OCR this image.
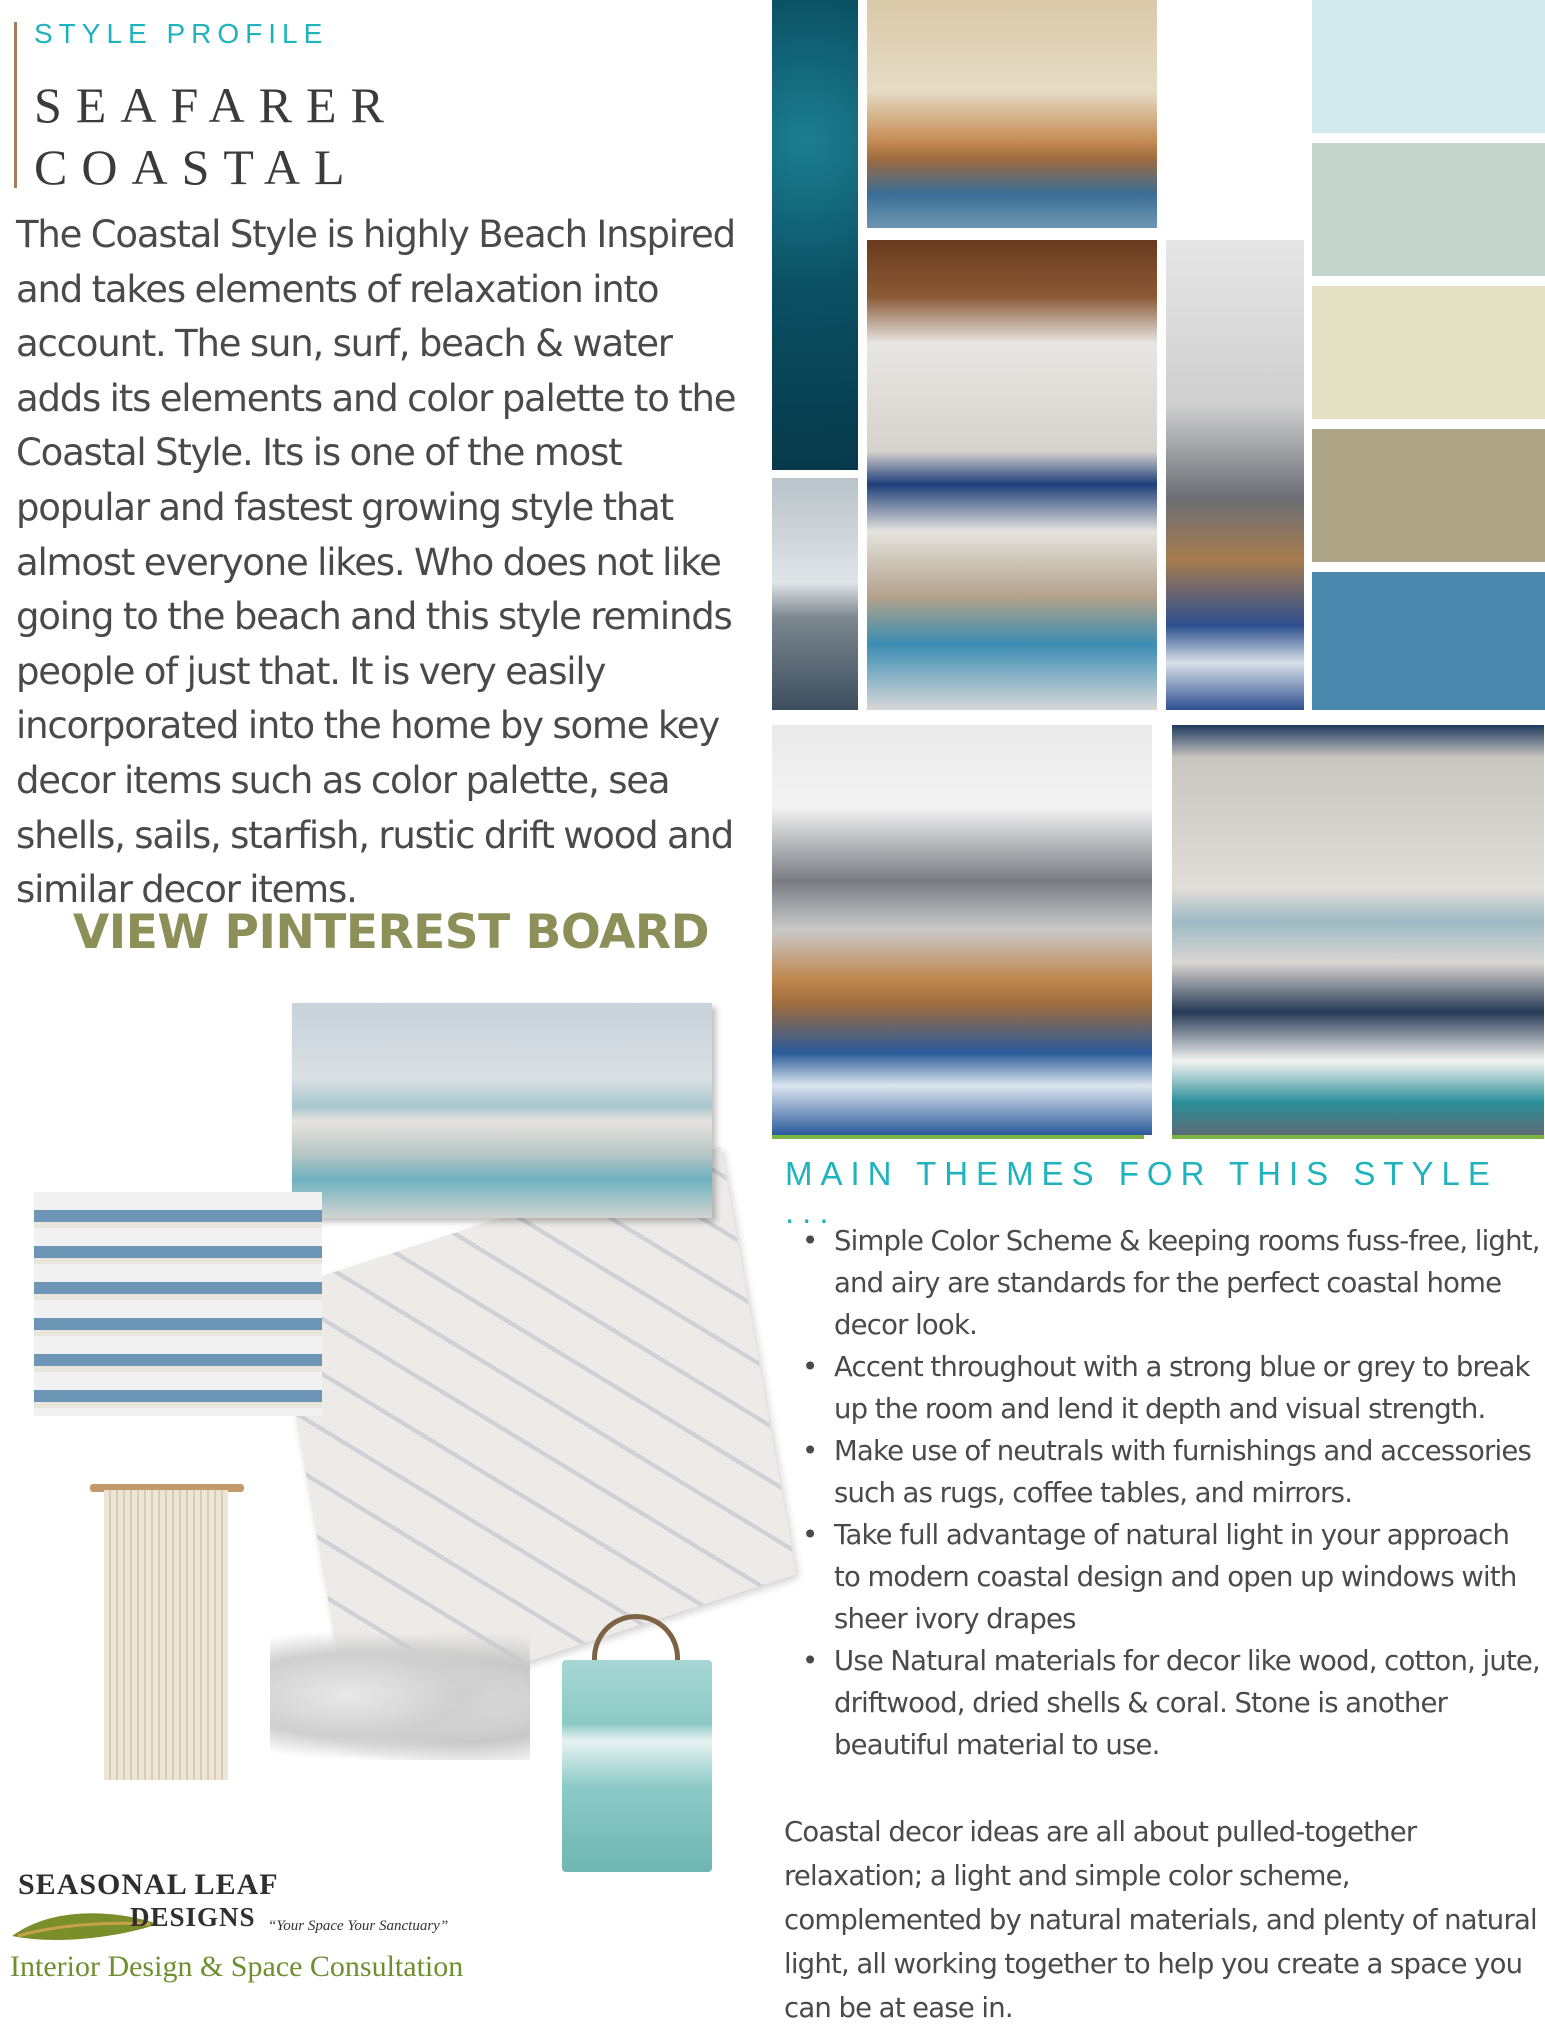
STYLE PROFILE
SEAFARER
COASTAL
The Coastal Style is highly Beach Inspired and takes elements of relaxation into account. The sun, surf, beach & water adds its elements and color palette to the Coastal Style. Its is one of the most popular and fastest growing style that almost everyone likes. Who does not like going to the beach and this style reminds people of just that. It is very easily incorporated into the home by some key decor items such as color palette, sea shells, sails, starfish, rustic drift wood and similar decor items.
VIEW PINTEREST BOARD
MAIN THEMES FOR THIS STYLE ...
• Simple Color Scheme & keeping rooms fuss-free, light, and airy are standards for the perfect coastal home decor look.
• Accent throughout with a strong blue or grey to break up the room and lend it depth and visual strength.
• Make use of neutrals with furnishings and accessories such as rugs, coffee tables, and mirrors.
• Take full advantage of natural light in your approach to modern coastal design and open up windows with sheer ivory drapes
• Use Natural materials for decor like wood, cotton, jute, driftwood, dried shells & coral. Stone is another beautiful material to use.
Coastal decor ideas are all about pulled-together relaxation; a light and simple color scheme, complemented by natural materials, and plenty of natural light, all working together to help you create a space you can be at ease in.
SEASONAL LEAF
DESIGNS “Your Space Your Sanctuary”
Interior Design & Space Consultation
